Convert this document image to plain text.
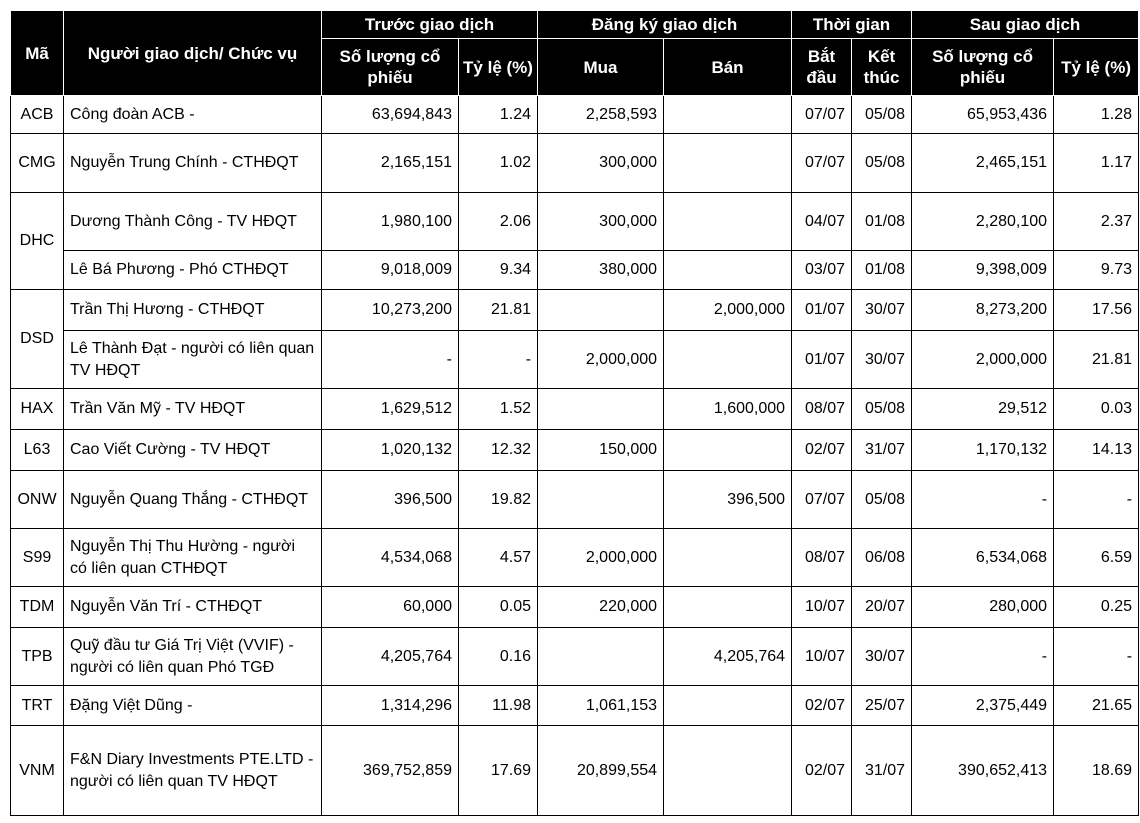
Mã	Người giao dịch/ Chức vụ	Trước giao dịch		Đăng ký giao dịch		Thời gian		Sau giao dịch	
		Số lượng cổ phiếu	Tỷ lệ (%)	Mua	Bán	Bắt đầu	Kết thúc	Số lượng cổ phiếu	Tỷ lệ (%)
ACB	Công đoàn ACB -	63,694,843	1.24	2,258,593		07/07	05/08	65,953,436	1.28
CMG	Nguyễn Trung Chính - CTHĐQT	2,165,151	1.02	300,000		07/07	05/08	2,465,151	1.17
DHC	Dương Thành Công - TV HĐQT	1,980,100	2.06	300,000		04/07	01/08	2,280,100	2.37
	Lê Bá Phương - Phó CTHĐQT	9,018,009	9.34	380,000		03/07	01/08	9,398,009	9.73
DSD	Trần Thị Hương - CTHĐQT	10,273,200	21.81		2,000,000	01/07	30/07	8,273,200	17.56
	Lê Thành Đạt - người có liên quan TV HĐQT	-	-	2,000,000		01/07	30/07	2,000,000	21.81
HAX	Trần Văn Mỹ - TV HĐQT	1,629,512	1.52		1,600,000	08/07	05/08	29,512	0.03
L63	Cao Viết Cường - TV HĐQT	1,020,132	12.32	150,000		02/07	31/07	1,170,132	14.13
ONW	Nguyễn Quang Thắng - CTHĐQT	396,500	19.82		396,500	07/07	05/08	-	-
S99	Nguyễn Thị Thu Hường - người có liên quan CTHĐQT	4,534,068	4.57	2,000,000		08/07	06/08	6,534,068	6.59
TDM	Nguyễn Văn Trí - CTHĐQT	60,000	0.05	220,000		10/07	20/07	280,000	0.25
TPB	Quỹ đầu tư Giá Trị Việt (VVIF) - người có liên quan Phó TGĐ	4,205,764	0.16		4,205,764	10/07	30/07	-	-
TRT	Đặng Việt Dũng -	1,314,296	11.98	1,061,153		02/07	25/07	2,375,449	21.65
VNM	F&N Diary Investments PTE.LTD - người có liên quan TV HĐQT	369,752,859	17.69	20,899,554		02/07	31/07	390,652,413	18.69
